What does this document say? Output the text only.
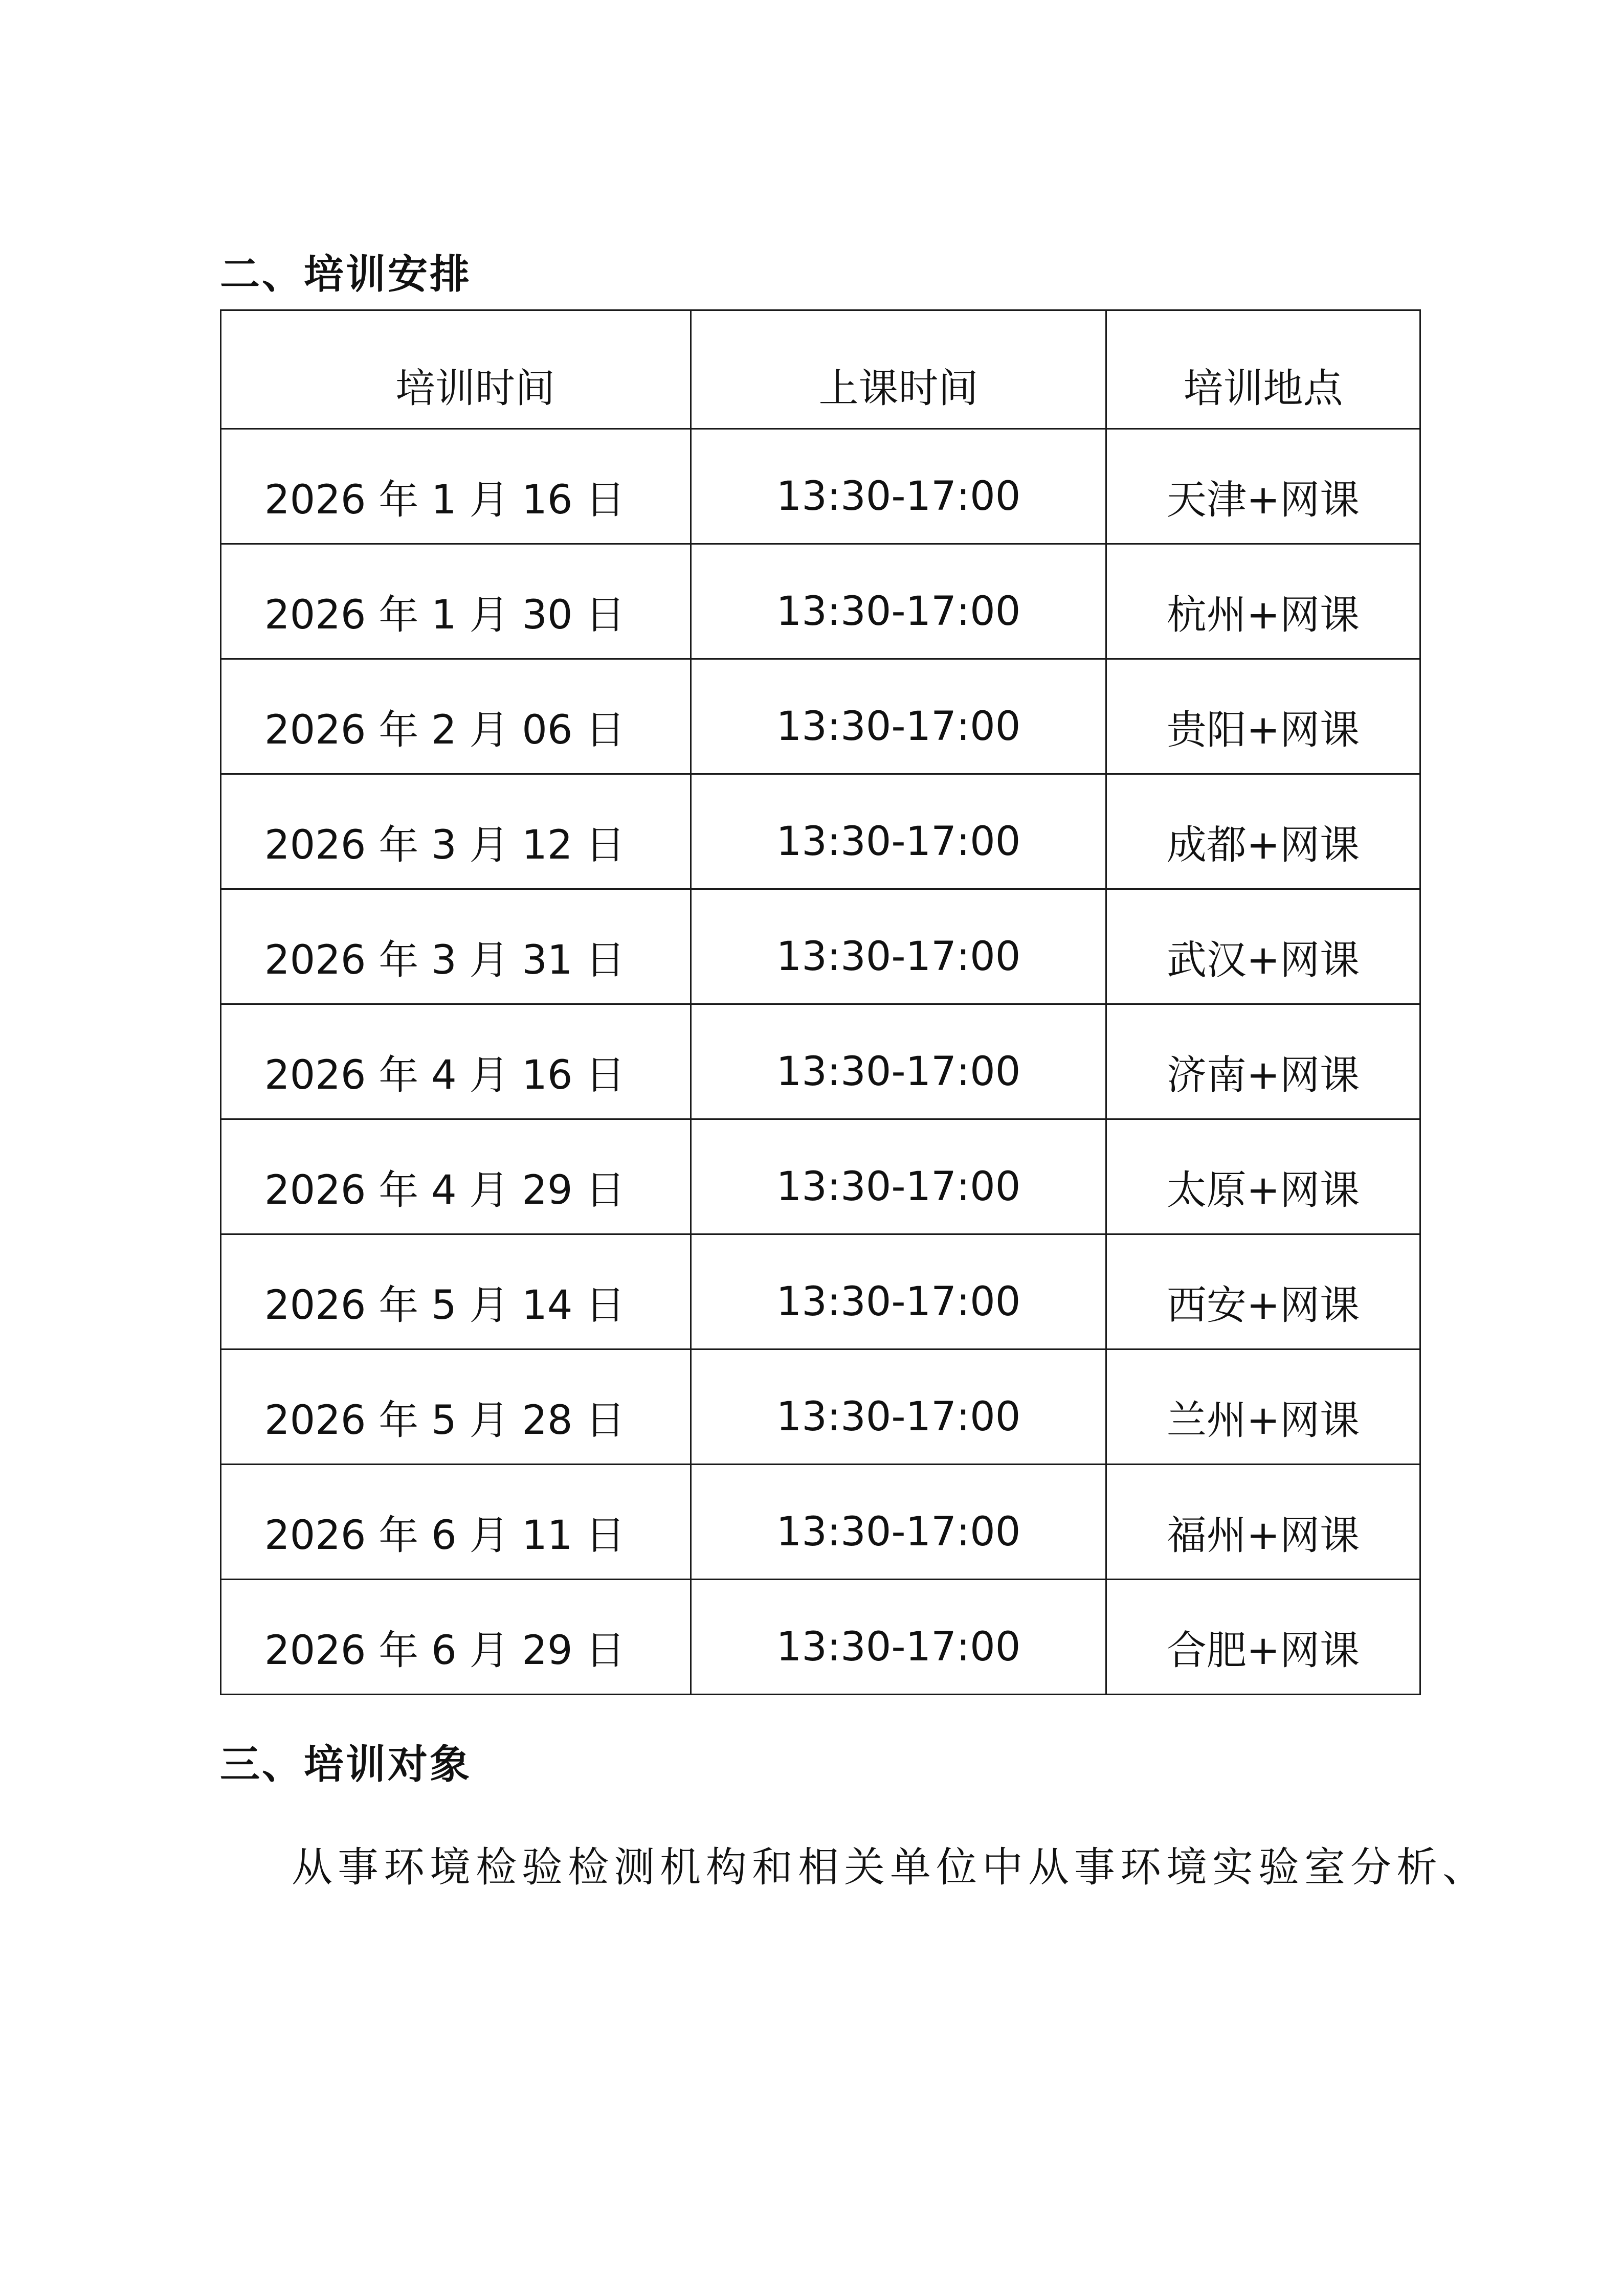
二、培训安排
培训时间	上课时间	培训地点
2026 年 1 月 16 日	13:30-17:00	天津+网课
2026 年 1 月 30 日	13:30-17:00	杭州+网课
2026 年 2 月 06 日	13:30-17:00	贵阳+网课
2026 年 3 月 12 日	13:30-17:00	成都+网课
2026 年 3 月 31 日	13:30-17:00	武汉+网课
2026 年 4 月 16 日	13:30-17:00	济南+网课
2026 年 4 月 29 日	13:30-17:00	太原+网课
2026 年 5 月 14 日	13:30-17:00	西安+网课
2026 年 5 月 28 日	13:30-17:00	兰州+网课
2026 年 6 月 11 日	13:30-17:00	福州+网课
2026 年 6 月 29 日	13:30-17:00	合肥+网课
三、培训对象

从事环境检验检测机构和相关单位中从事环境实验室分析、
